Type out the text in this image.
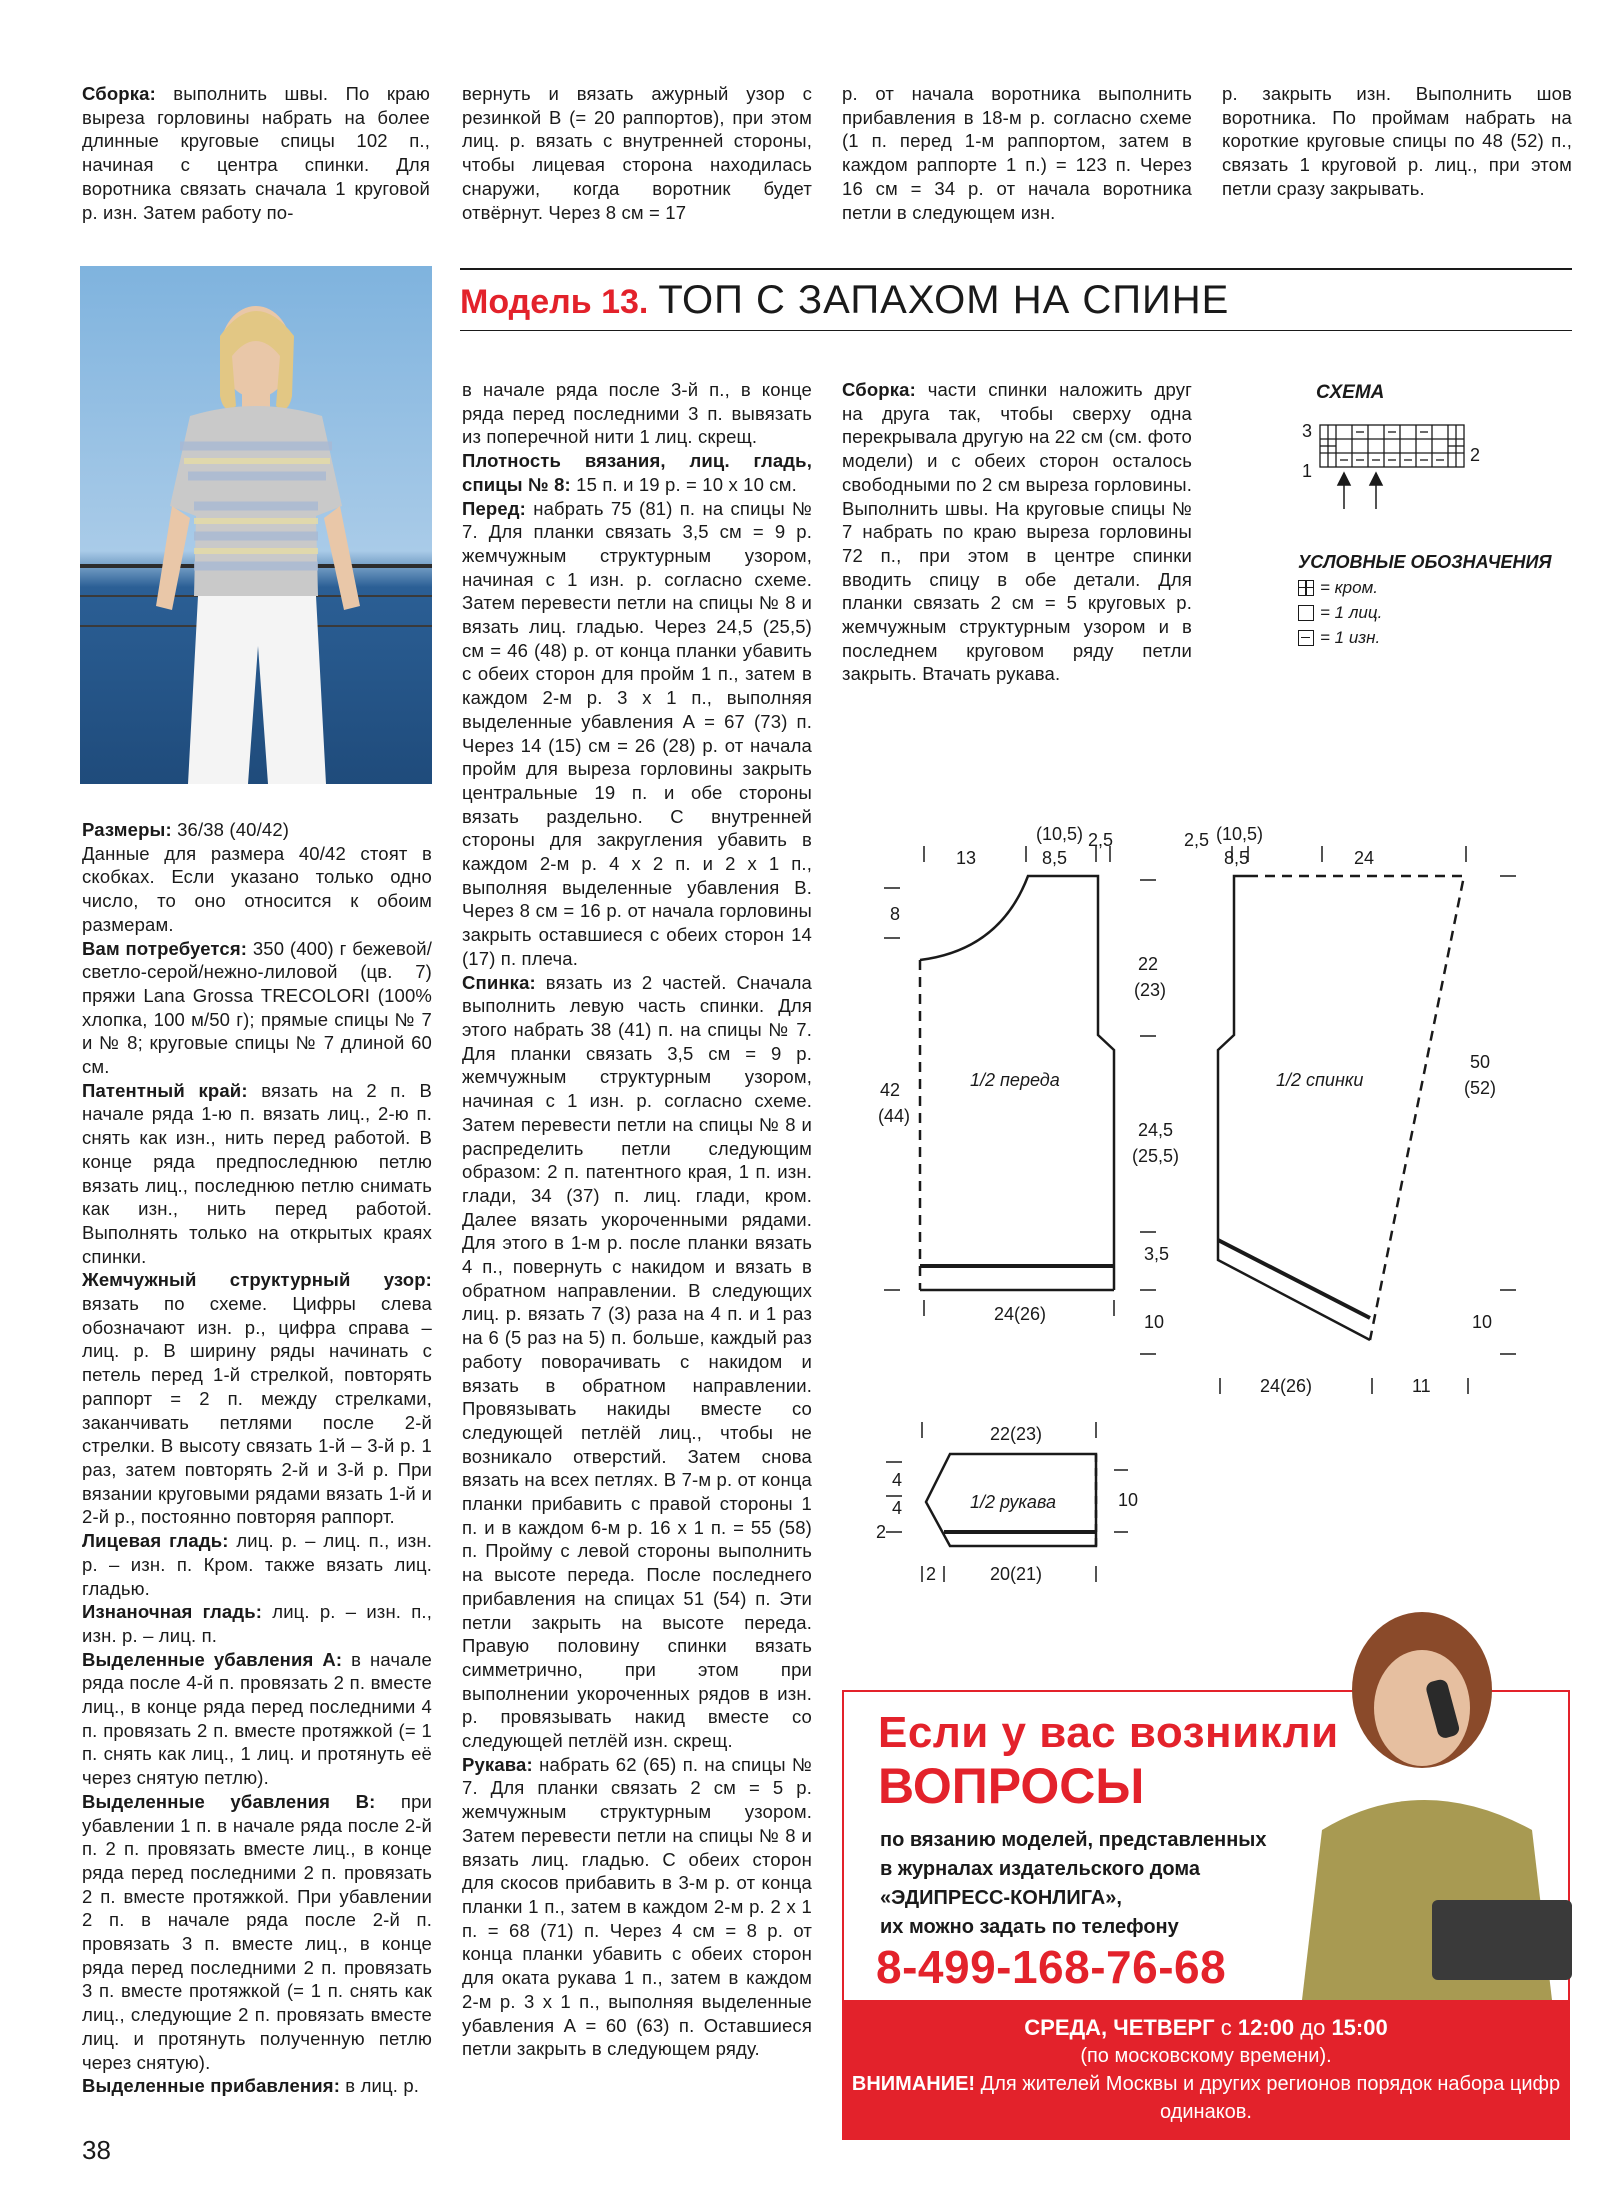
Сборка: выполнить швы. По краю выреза горловины набрать на более длинные круговые спицы 102 п., начиная с центра спинки. Для воротника связать сначала 1 круговой р. изн. Затем работу по-

вернуть и вязать ажурный узор с резинкой B (= 20 раппортов), при этом лиц. р. вязать с внутренней стороны, чтобы лицевая сторона находилась снаружи, когда воротник будет отвёрнут. Через 8 см = 17

р. от начала воротника выполнить прибавления в 18-м р. согласно схеме (1 п. перед 1-м раппортом, затем в каждом раппорте 1 п.) = 123 п. Через 16 см = 34 р. от начала воротника петли в следующем изн.

р. закрыть изн. Выполнить шов воротника. По проймам набрать на короткие круговые спицы по 48 (52) п., связать 1 круговой р. лиц., при этом петли сразу закрывать.

Модель 13. ТОП С ЗАПАХОМ НА СПИНЕ

Размеры: 36/38 (40/42)

Данные для размера 40/42 стоят в скобках. Если указано только одно число, то оно относится к обоим размерам.

Вам потребуется: 350 (400) г бежевой/светло-серой/нежно-лиловой (цв. 7) пряжи Lana Grossa TRECOLORI (100% хлопка, 100 м/50 г); прямые спицы № 7 и № 8; круговые спицы № 7 длиной 60 см.

Патентный край: вязать на 2 п. В начале ряда 1-ю п. вязать лиц., 2-ю п. снять как изн., нить перед работой. В конце ряда предпоследнюю петлю вязать лиц., последнюю петлю снимать как изн., нить перед работой. Выполнять только на открытых краях спинки.

Жемчужный структурный узор: вязать по схеме. Цифры слева обозначают изн. р., цифра справа – лиц. р. В ширину ряды начинать с петель перед 1-й стрелкой, повторять раппорт = 2 п. между стрелками, заканчивать петлями после 2-й стрелки. В высоту связать 1-й – 3-й р. 1 раз, затем повторять 2-й и 3-й р. При вязании круговыми рядами вязать 1-й и 2-й р., постоянно повторяя раппорт.

Лицевая гладь: лиц. р. – лиц. п., изн. р. – изн. п. Кром. также вязать лиц. гладью.

Изнаночная гладь: лиц. р. – изн. п., изн. р. – лиц. п.

Выделенные убавления А: в начале ряда после 4-й п. провязать 2 п. вместе лиц., в конце ряда перед последними 4 п. провязать 2 п. вместе протяжкой (= 1 п. снять как лиц., 1 лиц. и протянуть её через снятую петлю).

Выделенные убавления В: при убавлении 1 п. в начале ряда после 2-й п. 2 п. провязать вместе лиц., в конце ряда перед последними 2 п. провязать 2 п. вместе протяжкой. При убавлении 2 п. в начале ряда после 2-й п. провязать 3 п. вместе лиц., в конце ряда перед последними 2 п. провязать 3 п. вместе протяжкой (= 1 п. снять как лиц., следующие 2 п. провязать вместе лиц. и протянуть полученную петлю через снятую).

Выделенные прибавления: в лиц. р.

в начале ряда после 3-й п., в конце ряда перед последними 3 п. вывязать из поперечной нити 1 лиц. скрещ.

Плотность вязания, лиц. гладь, спицы № 8: 15 п. и 19 р. = 10 х 10 см.

Перед: набрать 75 (81) п. на спицы № 7. Для планки связать 3,5 см = 9 р. жемчужным структурным узором, начиная с 1 изн. р. согласно схеме. Затем перевести петли на спицы № 8 и вязать лиц. гладью. Через 24,5 (25,5) см = 46 (48) р. от конца планки убавить с обеих сторон для пройм 1 п., затем в каждом 2-м р. 3 х 1 п., выполняя выделенные убавления А = 67 (73) п. Через 14 (15) см = 26 (28) р. от начала пройм для выреза горловины закрыть центральные 19 п. и обе стороны вязать раздельно. С внутренней стороны для закругления убавить в каждом 2-м р. 4 х 2 п. и 2 х 1 п., выполняя выделенные убавления В. Через 8 см = 16 р. от начала горловины закрыть оставшиеся с обеих сторон 14 (17) п. плеча.

Спинка: вязать из 2 частей. Сначала выполнить левую часть спинки. Для этого набрать 38 (41) п. на спицы № 7. Для планки связать 3,5 см = 9 р. жемчужным структурным узором, начиная с 1 изн. р. согласно схеме. Затем перевести петли на спицы № 8 и распределить петли следующим образом: 2 п. патентного края, 1 п. изн. глади, 34 (37) п. лиц. глади, кром. Далее вязать укороченными рядами. Для этого в 1-м р. после планки вязать 4 п., повернуть с накидом и вязать в обратном направлении. В следующих лиц. р. вязать 7 (3) раза на 4 п. и 1 раз на 6 (5 раз на 5) п. больше, каждый раз работу поворачивать с накидом и вязать в обратном направлении. Провязывать накиды вместе со следующей петлёй лиц., чтобы не возникало отверстий. Затем снова вязать на всех петлях. В 7-м р. от конца планки прибавить с правой стороны 1 п. и в каждом 6-м р. 16 х 1 п. = 55 (58) п. Пройму с левой стороны выполнить на высоте переда. После последнего прибавления на спицах 51 (54) п. Эти петли закрыть на высоте переда. Правую половину спинки вязать симметрично, при этом при выполнении укороченных рядов в изн. р. провязывать накид вместе со следующей петлёй изн. скрещ.

Рукава: набрать 62 (65) п. на спицы № 7. Для планки связать 2 см = 5 р. жемчужным структурным узором. Затем перевести петли на спицы № 8 и вязать лиц. гладью. С обеих сторон для скосов прибавить в 3-м р. от конца планки 1 п., затем в каждом 2-м р. 2 х 1 п. = 68 (71) п. Через 4 см = 8 р. от конца планки убавить с обеих сторон для оката рукава 1 п., затем в каждом 2-м р. 3 х 1 п., выполняя выделенные убавления А = 60 (63) п. Оставшиеся петли закрыть в следующем ряду.

Сборка: части спинки наложить друг на друга так, чтобы сверху одна перекрывала другую на 22 см (см. фото модели) и с обеих сторон осталось свободными по 2 см выреза горловины. Выполнить швы. На круговые спицы № 7 набрать по краю выреза горловины 72 п., при этом в центре спинки вводить спицу в обе детали. Для планки связать 2 см = 5 круговых р. жемчужным структурным узором и в последнем круговом ряду петли закрыть. Втачать рукава.

СХЕМА
3
1
2
УСЛОВНЫЕ ОБОЗНАЧЕНИЯ
= кром.
= 1 лиц.
= 1 изн.
13
(10,5)
8,5
2,5	2,5 (10,5)
8,5	24
8
22
(23)
42
(44)
24,5
(25,5)
3,5
50
(52)
24(26)	10	10
24(26)	11
22(23)
4
4
2
10
2	20(21)
1/2 переда	1/2 спинки
1/2 рукава
Если у вас возникли
ВОПРОСЫ
по вязанию моделей, представленных
в журналах издательского дома
«ЭДИПРЕСС-КОНЛИГА»,
их можно задать по телефону
8-499-168-76-68
СРЕДА, ЧЕТВЕРГ с 12:00 до 15:00
(по московскому времени).
ВНИМАНИЕ! Для жителей Москвы и других регионов порядок набора цифр одинаков.
38
